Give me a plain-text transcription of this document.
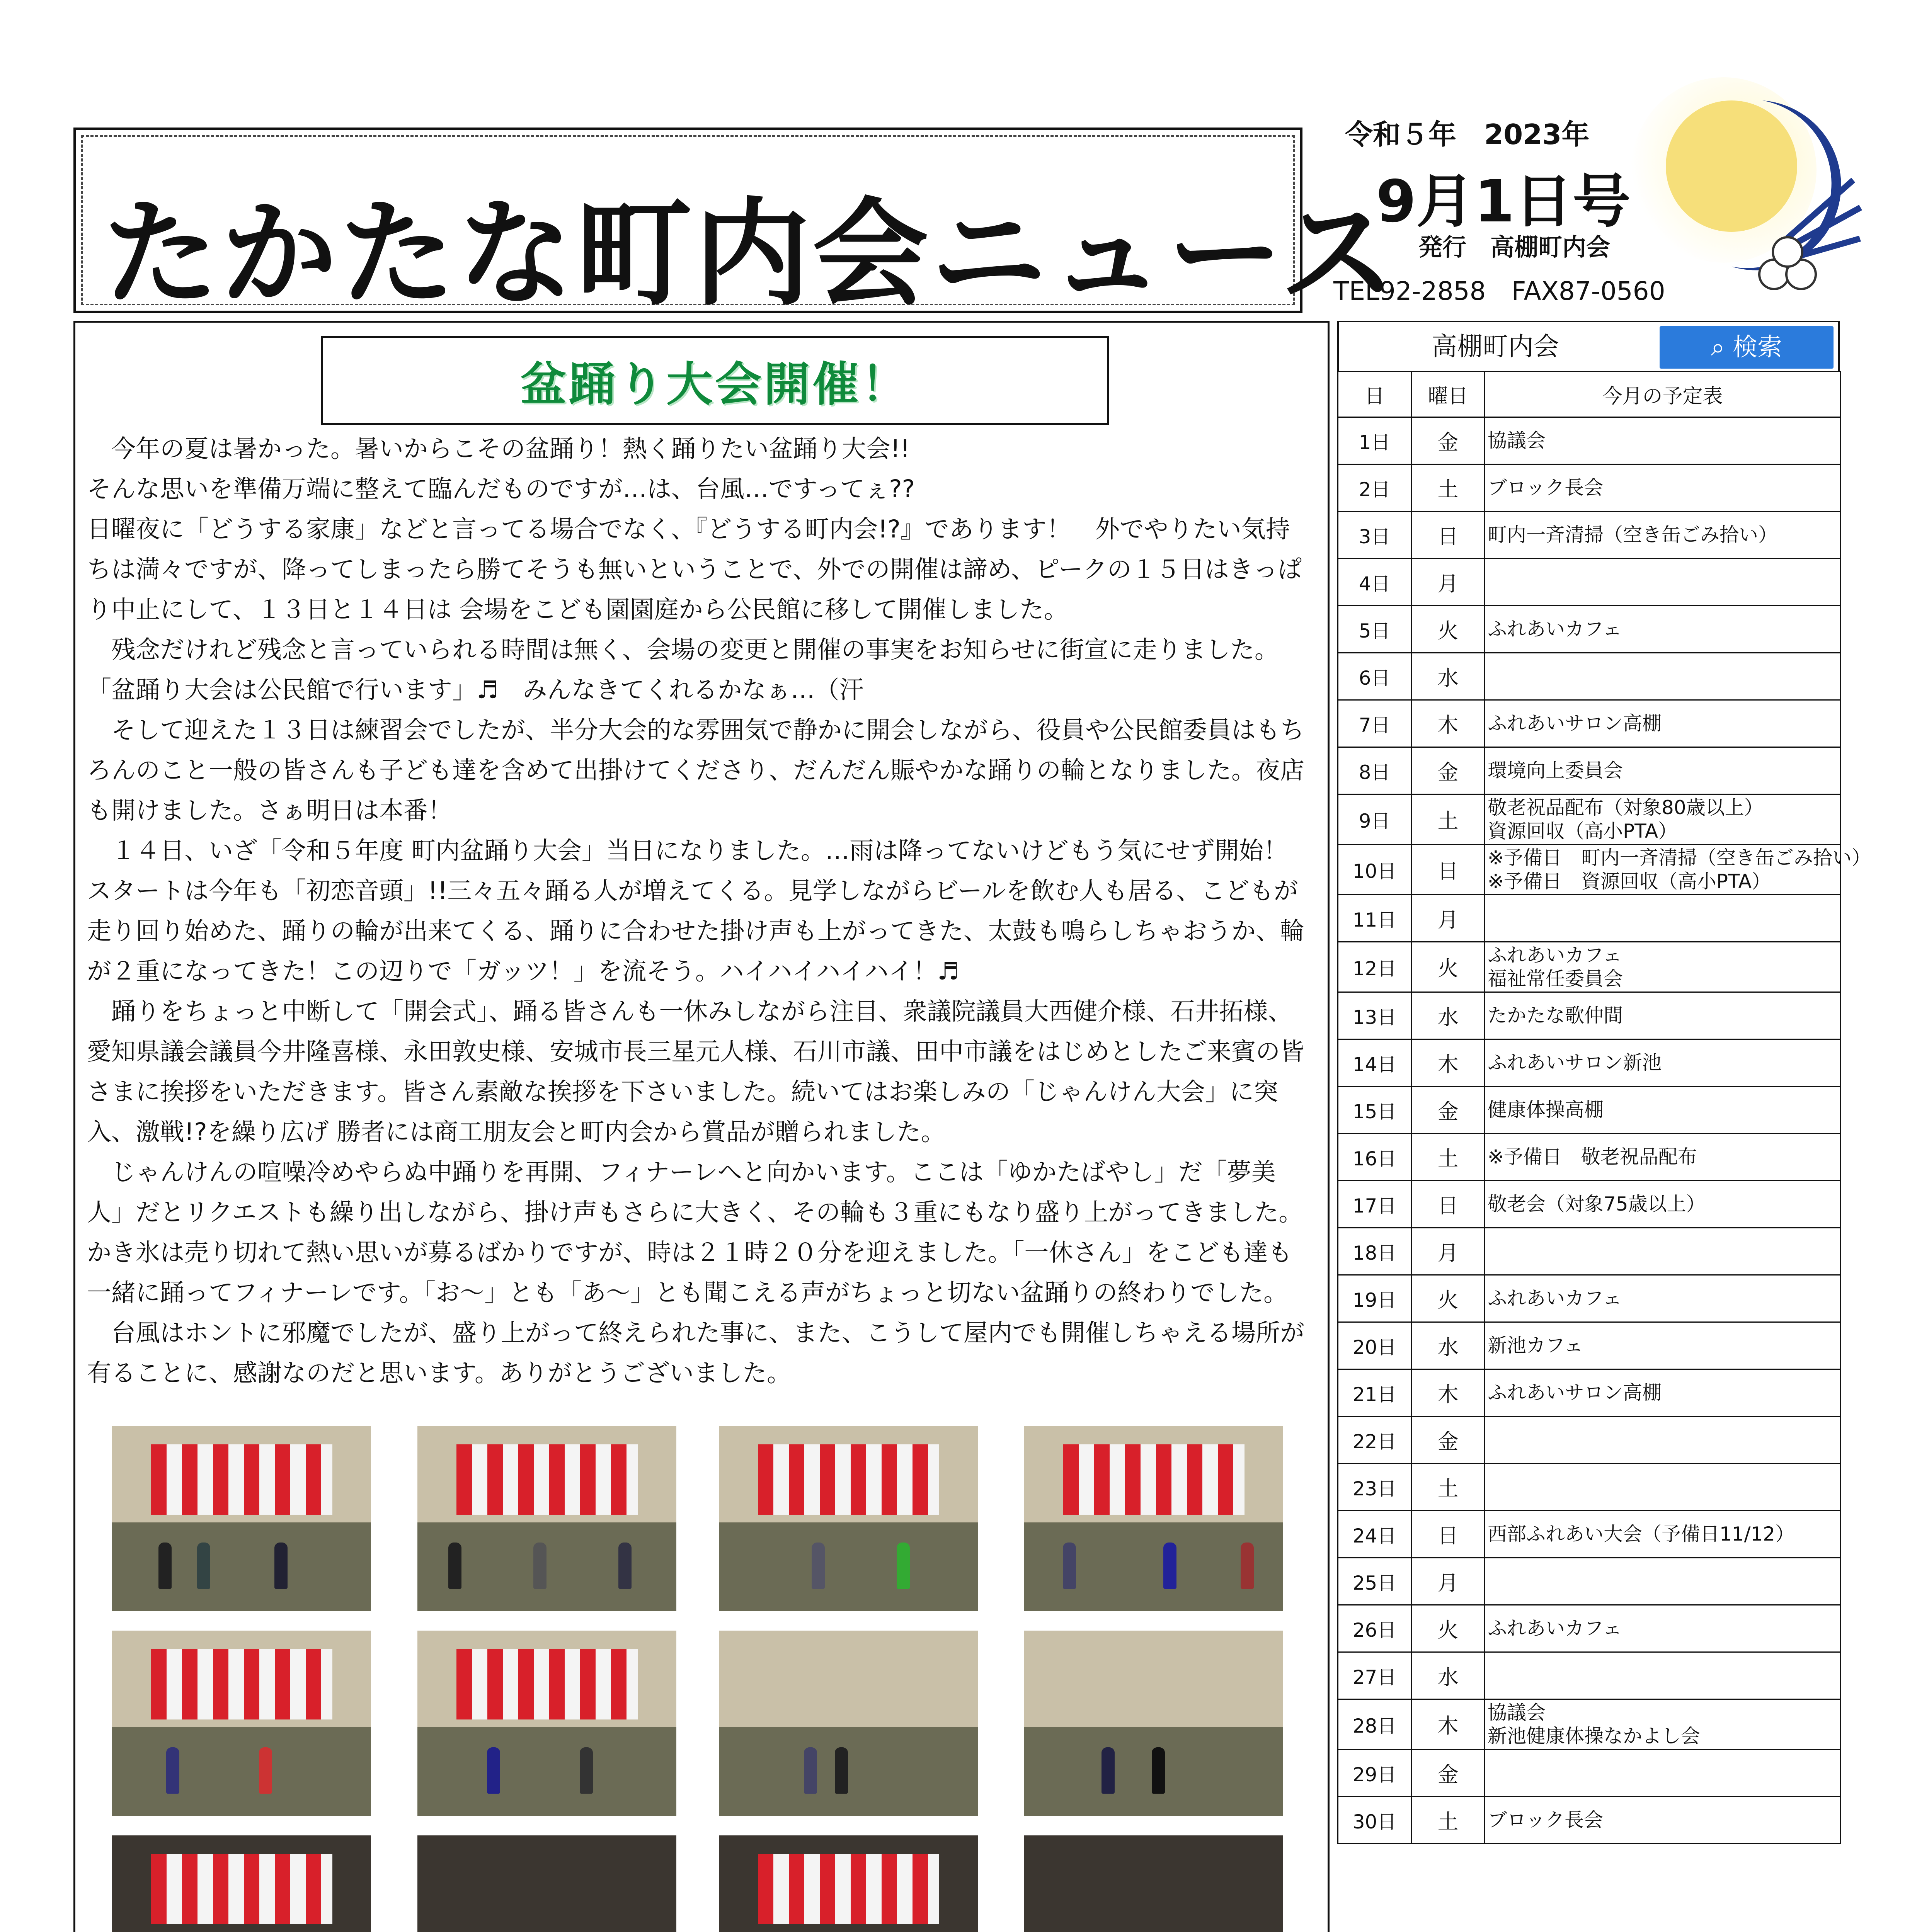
たかたな町内会ニュース
令和５年　2023年
9月1日号
発行　高棚町内会
TEL92-2858　FAX87-0560
盆踊り大会開催！

今年の夏は暑かった。暑いからこその盆踊り！熱く踊りたい盆踊り大会!!

そんな思いを準備万端に整えて臨んだものですが…は、台風…ですってぇ??

日曜夜に「どうする家康」などと言ってる場合でなく、『どうする町内会!?』であります！　外でやりたい気持ちは満々ですが、降ってしまったら勝てそうも無いということで、外での開催は諦め、ピークの１５日はきっぱり中止にして、１３日と１４日は 会場をこども園園庭から公民館に移して開催しました。

残念だけれど残念と言っていられる時間は無く、会場の変更と開催の事実をお知らせに街宣に走りました。「盆踊り大会は公民館で行います」♬　みんなきてくれるかなぁ…（汗

そして迎えた１３日は練習会でしたが、半分大会的な雰囲気で静かに開会しながら、役員や公民館委員はもちろんのこと一般の皆さんも子ども達を含めて出掛けてくださり、だんだん賑やかな踊りの輪となりました。夜店も開けました。さぁ明日は本番！

１４日、いざ「令和５年度 町内盆踊り大会」当日になりました。…雨は降ってないけどもう気にせず開始！スタートは今年も「初恋音頭」!!三々五々踊る人が増えてくる。見学しながらビールを飲む人も居る、こどもが走り回り始めた、踊りの輪が出来てくる、踊りに合わせた掛け声も上がってきた、太鼓も鳴らしちゃおうか、輪が２重になってきた！この辺りで「ガッツ！」を流そう。ハイハイハイハイ！♬

踊りをちょっと中断して「開会式」、踊る皆さんも一休みしながら注目、衆議院議員大西健介様、石井拓様、愛知県議会議員今井隆喜様、永田敦史様、安城市長三星元人様、石川市議、田中市議をはじめとしたご来賓の皆さまに挨拶をいただきます。皆さん素敵な挨拶を下さいました。続いてはお楽しみの「じゃんけん大会」に突入、激戦!?を繰り広げ 勝者には商工朋友会と町内会から賞品が贈られました。

じゃんけんの喧噪冷めやらぬ中踊りを再開、フィナーレへと向かいます。ここは「ゆかたばやし」だ「夢美人」だとリクエストも繰り出しながら、掛け声もさらに大きく、その輪も３重にもなり盛り上がってきました。かき氷は売り切れて熱い思いが募るばかりですが、時は２１時２０分を迎えました。「一休さん」をこども達も一緒に踊ってフィナーレです。「お～」とも「あ～」とも聞こえる声がちょっと切ない盆踊りの終わりでした。

台風はホントに邪魔でしたが、盛り上がって終えられた事に、また、こうして屋内でも開催しちゃえる場所が有ることに、感謝なのだと思います。ありがとうございました。

高棚町内会	⌕ 検索
日	曜日	今月の予定表
1日	金	協議会

2日	土	ブロック長会

3日	日	町内一斉清掃（空き缶ごみ拾い）

4日	月	
5日	火	ふれあいカフェ

6日	水	
7日	木	ふれあいサロン高棚

8日	金	環境向上委員会

9日	土	敬老祝品配布（対象80歳以上）
資源回収（高小PTA）

10日	日	※予備日　町内一斉清掃（空き缶ごみ拾い）
※予備日　資源回収（高小PTA）

11日	月	
12日	火	ふれあいカフェ
福祉常任委員会

13日	水	たかたな歌仲間

14日	木	ふれあいサロン新池

15日	金	健康体操高棚

16日	土	※予備日　敬老祝品配布

17日	日	敬老会（対象75歳以上）

18日	月	
19日	火	ふれあいカフェ

20日	水	新池カフェ

21日	木	ふれあいサロン高棚

22日	金	
23日	土	
24日	日	西部ふれあい大会（予備日11/12）

25日	月	
26日	火	ふれあいカフェ

27日	水	
28日	木	協議会
新池健康体操なかよし会

29日	金	
30日	土	ブロック長会
